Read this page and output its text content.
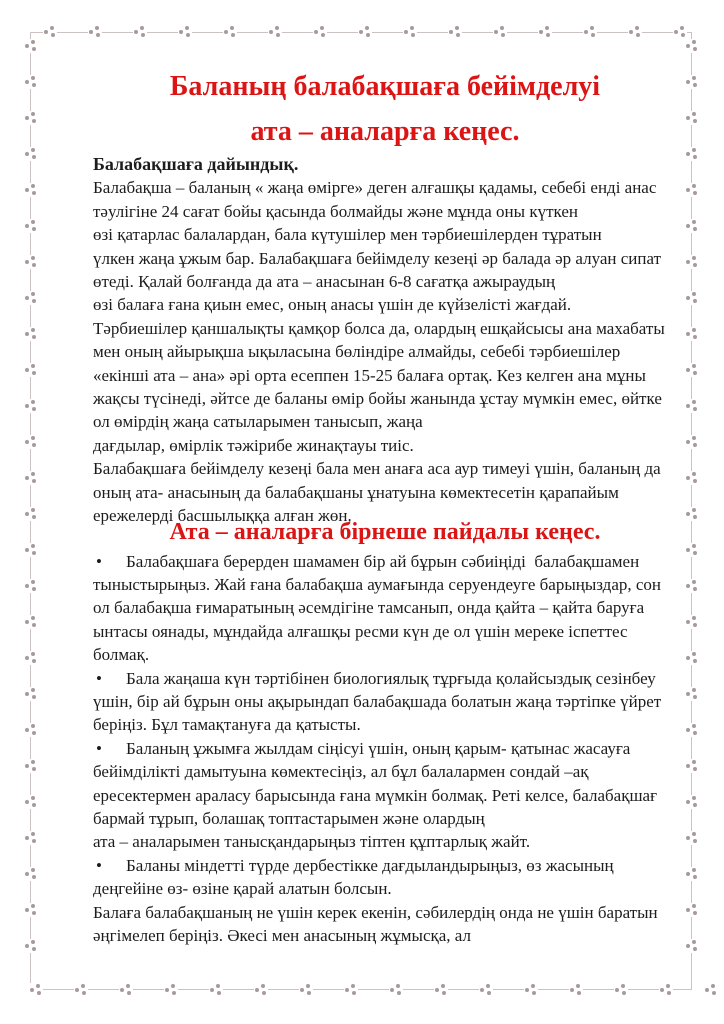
Баланың балабақшаға бейімделуі
ата – аналарға кеңес.
Балабақшаға дайындық.
Балабақша – баланың « жаңа өмірге» деген алғашқы қадамы, себебі енді анас
тәулігіне 24 сағат бойы қасында болмайды және мұнда оны күткен
өзі қатарлас балалардан, бала күтушілер мен тәрбиешілерден тұратын
үлкен жаңа ұжым бар. Балабақшаға бейімделу кезеңі әр балада әр алуан сипат
өтеді. Қалай болғанда да ата – анасынан 6-8 сағатқа ажыраудың
өзі балаға ғана қиын емес, оның анасы үшін де күйзелісті жағдай.
Тәрбиешілер қаншалықты қамқор болса да, олардың ешқайсысы ана махабаты
мен оның айырықша ықыласына бөліндіре алмайды, себебі тәрбиешілер
«екінші ата – ана» әрі орта есеппен 15-25 балаға ортақ. Кез келген ана мұны
жақсы түсінеді, әйтсе де баланы өмір бойы жанында ұстау мүмкін емес, өйтке
ол өмірдің жаңа сатыларымен танысып, жаңа
дағдылар, өмірлік тәжірибе жинақтауы тиіс.
Балабақшаға бейімделу кезеңі бала мен анаға аса аур тимеуі үшін, баланың да
оның ата- анасының да балабақшаны ұнатуына көмектесетін қарапайым
ережелерді басшылыққа алған жөн.
Ата – аналарға бірнеше пайдалы кеңес.
• Балабақшаға берерден шамамен бір ай бұрын сәбиіңіді  балабақшамен
тыныстырыңыз. Жай ғана балабақша аумағында серуендеуге барыңыздар, сон
ол балабақша ғимаратының әсемдігіне тамсанып, онда қайта – қайта баруға
ынтасы оянады, мұндайда алғашқы ресми күн де ол үшін мереке іспеттес
болмақ.
• Бала жаңаша күн тәртібінен биологиялық тұрғыда қолайсыздық сезінбеу
үшін, бір ай бұрын оны ақырындап балабақшада болатын жаңа тәртіпке үйрет
беріңіз. Бұл тамақтануға да қатысты.
• Баланың ұжымға жылдам сіңісуі үшін, оның қарым- қатынас жасауға
бейімділікті дамытуына көмектесіңіз, ал бұл балалармен сондай –ақ
ересектермен араласу барысында ғана мүмкін болмақ. Реті келсе, балабақшағ
бармай тұрып, болашақ топтастарымен және олардың
ата – аналарымен танысқандарыңыз тіптен құптарлық жайт.
• Баланы міндетті түрде дербестікке дағдыландырыңыз, өз жасының
деңгейіне өз- өзіне қарай алатын болсын.
Балаға балабақшаның не үшін керек екенін, сәбилердің онда не үшін баратын
әңгімелеп беріңіз. Әкесі мен анасының жұмысқа, ал
